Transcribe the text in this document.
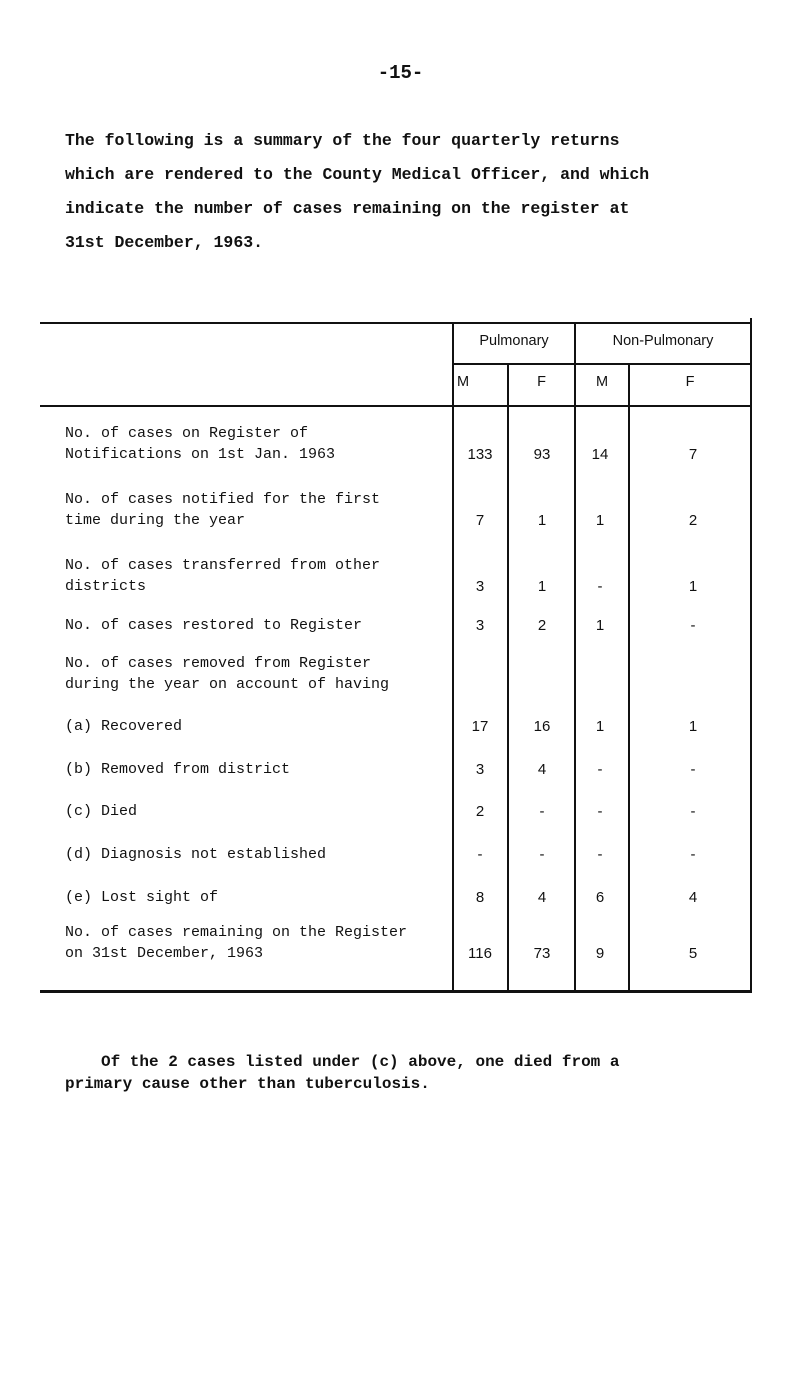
-15-

The following is a summary of the four quarterly returns
which are rendered to the County Medical Officer, and which
indicate the number of cases remaining on the register at
31st December, 1963.

Pulmonary	Non-Pulmonary
M	F	M	F
No. of cases on Register of
Notifications on 1st Jan. 1963	133	93	14	7
No. of cases notified for the first
time during the year	7	1	1	2
No. of cases transferred from other
districts	3	1	-	1
No. of cases restored to Register	3	2	1	-
No. of cases removed from Register
during the year on account of having
(a) Recovered	17	16	1	1
(b) Removed from district	3	4	-	-
(c) Died	2	-	-	-
(d) Diagnosis not established	-	-	-	-
(e) Lost sight of	8	4	6	4
No. of cases remaining on the Register
on 31st December, 1963	116	73	9	5

Of the 2 cases listed under (c) above, one died from a
primary cause other than tuberculosis.
